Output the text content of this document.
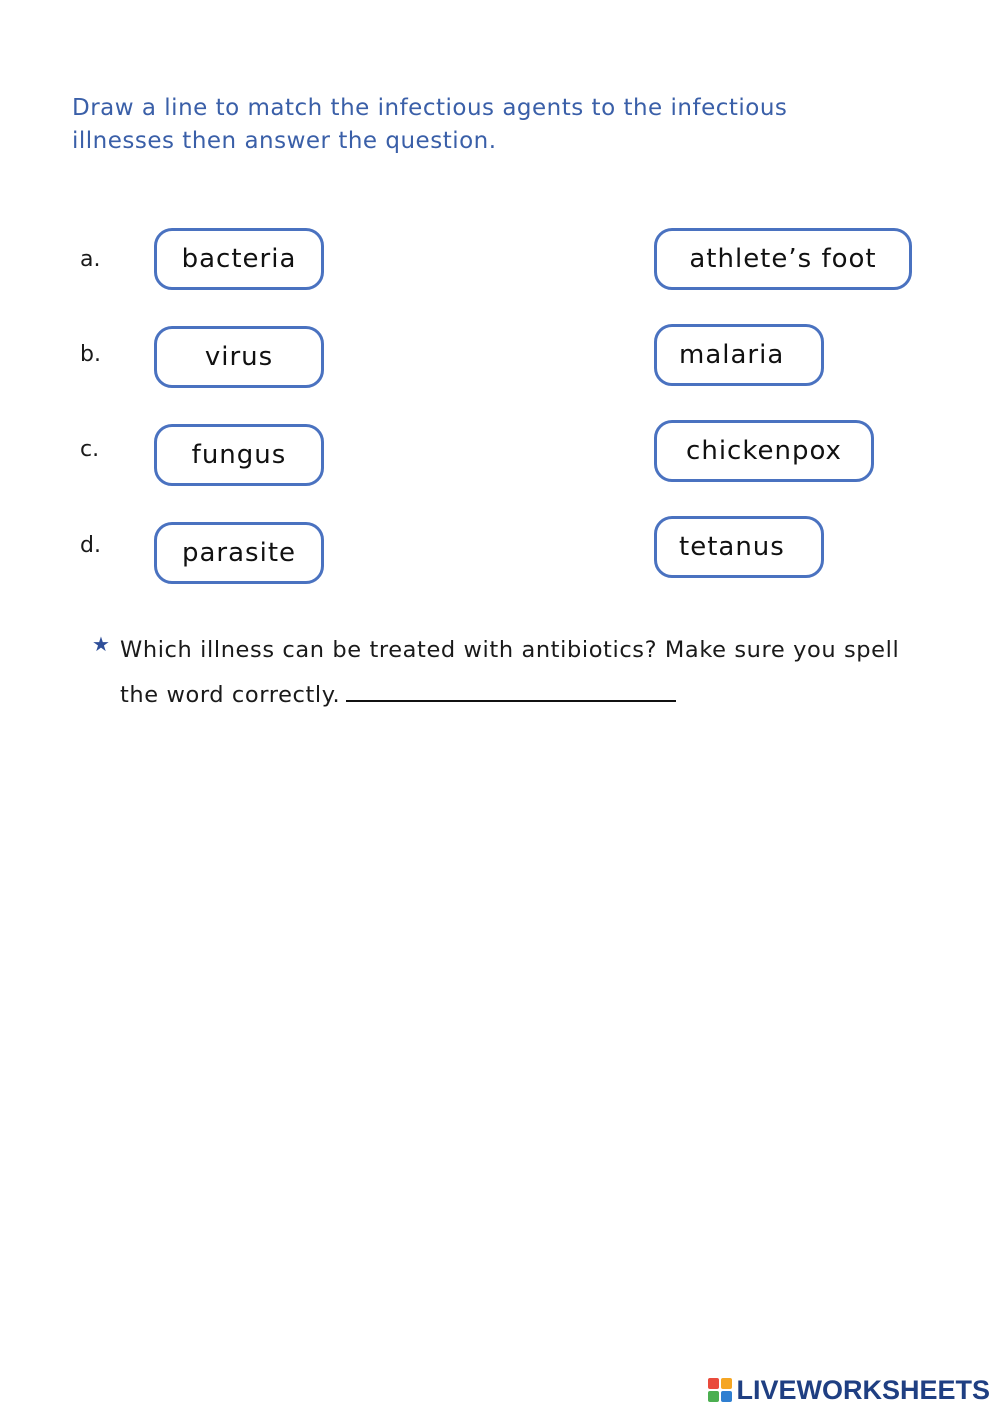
Draw a line to match the infectious agents to the infectious illnesses then answer the question.
a.
b.
c.
d.
bacteria
virus
fungus
parasite
athlete’s foot
malaria
chickenpox
tetanus
★ Which illness can be treated with antibiotics? Make sure you spell the word correctly.
LIVEWORKSHEETS
